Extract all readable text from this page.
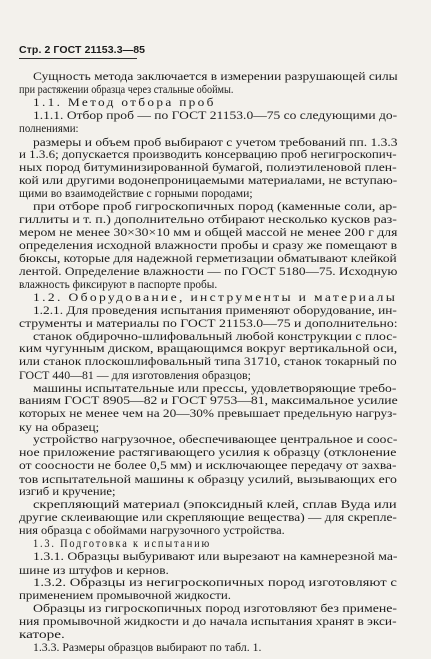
Стр. 2 ГОСТ 21153.3—85
Сущность метода заключается в измерении разрушающей силы
при растяжении образца через стальные обоймы.
1.1. Метод отбора проб
1.1.1. Отбор проб — по ГОСТ 21153.0—75 со следующими до-
полнениями:
размеры и объем проб выбирают с учетом требований пп. 1.3.3
и 1.3.6; допускается производить консервацию проб негигроскопич-
ных пород битуминизированной бумагой, полиэтиленовой плен-
кой или другими водонепроницаемыми материалами, не вступаю-
щими во взаимодействие с горными породами;
при отборе проб гигроскопичных пород (каменные соли, ар-
гиллиты и т. п.) дополнительно отбирают несколько кусков раз-
мером не менее 30×30×10 мм и общей массой не менее 200 г для
определения исходной влажности пробы и сразу же помещают в
бюксы, которые для надежной герметизации обматывают клейкой
лентой. Определение влажности — по ГОСТ 5180—75. Исходную
влажность фиксируют в паспорте пробы.
1.2. Оборудование, инструменты и материалы
1.2.1. Для проведения испытания применяют оборудование, ин-
струменты и материалы по ГОСТ 21153.0—75 и дополнительно:
станок обдирочно-шлифовальный любой конструкции с плос-
ким чугунным диском, вращающимся вокруг вертикальной оси,
или станок плоскошлифовальный типа 31710, станок токарный по
ГОСТ 440—81 — для изготовления образцов;
машины испытательные или прессы, удовлетворяющие требо-
ваниям ГОСТ 8905—82 и ГОСТ 9753—81, максимальное усилие
которых не менее чем на 20—30% превышает предельную нагруз-
ку на образец;
устройство нагрузочное, обеспечивающее центральное и соос-
ное приложение растягивающего усилия к образцу (отклонение
от соосности не более 0,5 мм) и исключающее передачу от захва-
тов испытательной машины к образцу усилий, вызывающих его
изгиб и кручение;
скрепляющий материал (эпоксидный клей, сплав Вуда или
другие склеивающие или скрепляющие вещества) — для скрепле-
ния образца с обоймами нагрузочного устройства.
1.3. Подготовка к испытанию
1.3.1. Образцы выбуривают или вырезают на камнерезной ма-
шине из штуфов и кернов.
1.3.2. Образцы из негигроскопичных пород изготовляют с
применением промывочной жидкости.
Образцы из гигроскопичных пород изготовляют без примене-
ния промывочной жидкости и до начала испытания хранят в экси-
каторе.
1.3.3. Размеры образцов выбирают по табл. 1.
